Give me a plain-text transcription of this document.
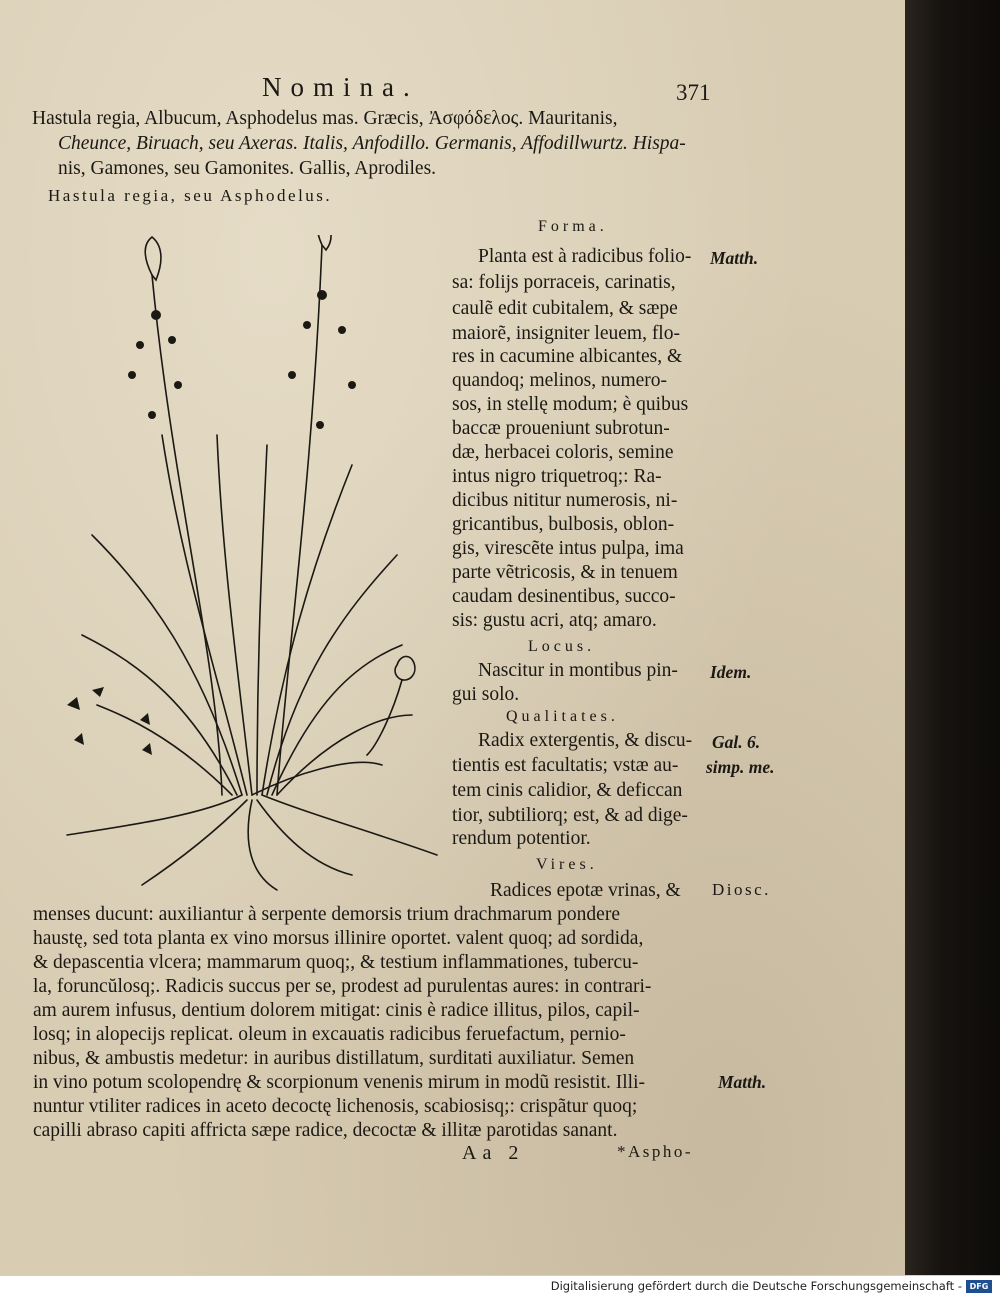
Nomina.	371
Hastula regia, Albucum, Asphodelus mas. Græcis, Ἀσφόδελος. Mauritanis,
Cheunce, Biruach, seu Axeras. Italis, Anfodillo. Germanis, Affodillwurtz. Hispa-
nis, Gamones, seu Gamonites. Gallis, Aprodiles.
Hastula regia, seu Asphodelus.
Forma.
Matth.
Planta est à radicibus folio-
sa: folijs porraceis, carinatis,
caulẽ edit cubitalem, & sæpe
maiorẽ, insigniter leuem, flo-
res in cacumine albicantes, &
quandoq; melinos, numero-
sos, in stellę modum; è quibus
baccæ proueniunt subrotun-
dæ, herbacei coloris, semine
intus nigro triquetroq;: Ra-
dicibus nititur numerosis, ni-
gricantibus, bulbosis, oblon-
gis, virescẽte intus pulpa, ima
parte vẽtricosis, & in tenuem
caudam desinentibus, succo-
sis: gustu acri, atq; amaro.
Locus.
Idem.
Nascitur in montibus pin-
gui solo.
Qualitates.
Gal. 6.
simp. me.
Radix extergentis, & discu-
tientis est facultatis; vstæ au-
tem cinis calidior, & deficcan
tior, subtiliorq; est, & ad dige-
rendum potentior.
Vires.
Radices epotæ vrinas, & Diosc.
Matth.
menses ducunt: auxiliantur à serpente demorsis trium drachmarum pondere
haustę, sed tota planta ex vino morsus illinire oportet. valent quoq; ad sordida,
& depascentia vlcera; mammarum quoq;, & testium inflammationes, tubercu-
la, foruncŭlosq;. Radicis succus per se, prodest ad purulentas aures: in contrari-
am aurem infusus, dentium dolorem mitigat: cinis è radice illitus, pilos, capil-
losq; in alopecijs replicat. oleum in excauatis radicibus feruefactum, pernio-
nibus, & ambustis medetur: in auribus distillatum, surditati auxiliatur. Semen
in vino potum scolopendrę & scorpionum venenis mirum in modũ resistit. Illi-
nuntur vtiliter radices in aceto decoctę lichenosis, scabiosisq;: crispãtur quoq;
capilli abraso capiti affricta sæpe radice, decoctæ & illitæ parotidas sanant.
Aa 2	*Aspho-
Digitalisierung gefördert durch die Deutsche Forschungsgemeinschaft - DFG
